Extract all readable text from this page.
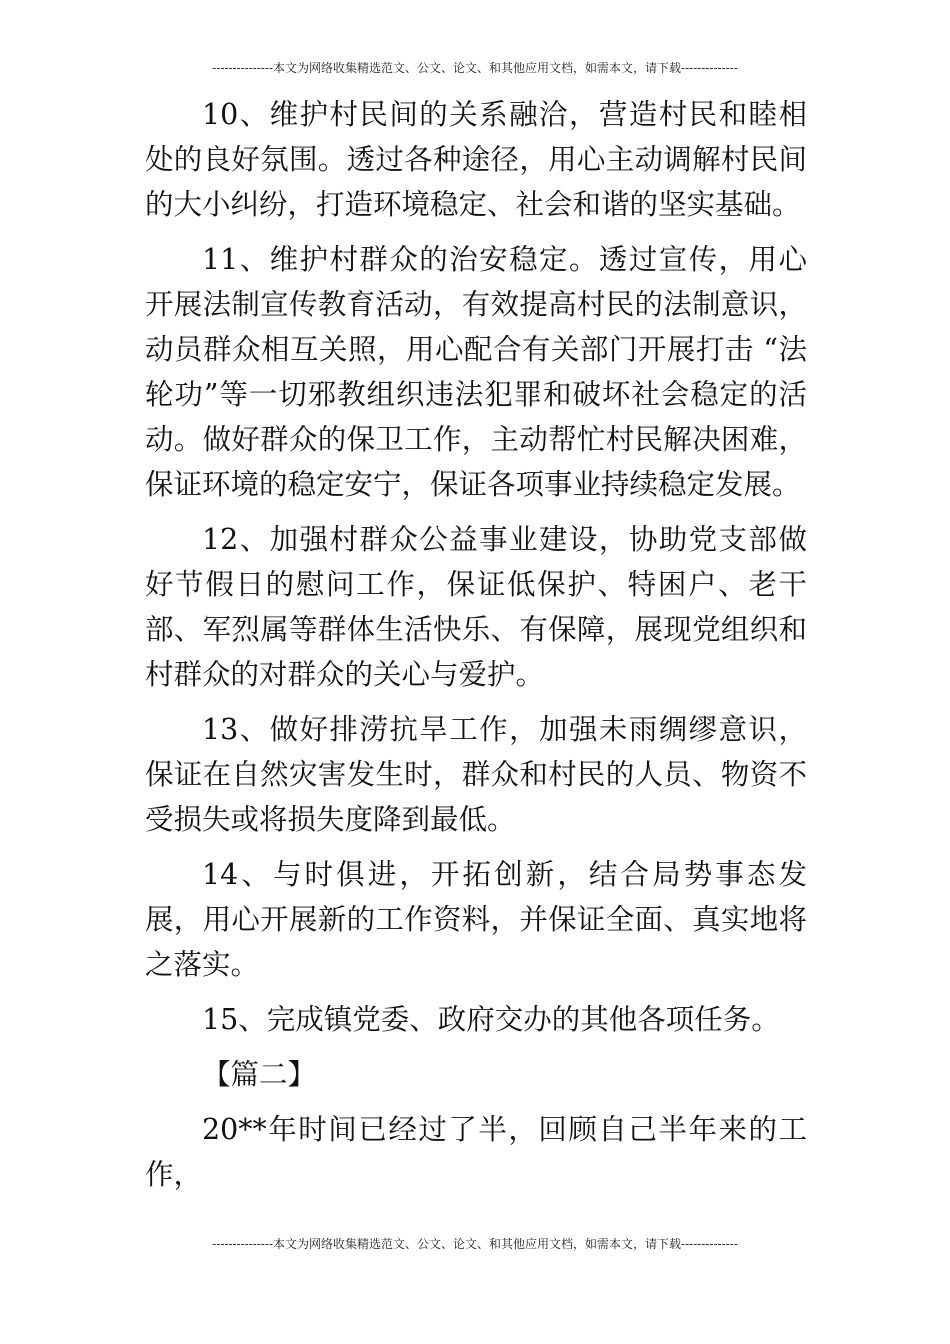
---------------本文为网络收集精选范文、公文、论文、和其他应用文档，如需本文，请下载--------------

10、维护村民间的关系融洽，营造村民和睦相处的良好氛围。透过各种途径，用心主动调解村民间的大小纠纷，打造环境稳定、社会和谐的坚实基础。

11、维护村群众的治安稳定。透过宣传，用心开展法制宣传教育活动，有效提高村民的法制意识，动员群众相互关照，用心配合有关部门开展打击 “法轮功”等一切邪教组织违法犯罪和破坏社会稳定的活动。做好群众的保卫工作，主动帮忙村民解决困难，保证环境的稳定安宁，保证各项事业持续稳定发展。

12、加强村群众公益事业建设，协助党支部做好节假日的慰问工作，保证低保护、特困户、老干部、军烈属等群体生活快乐、有保障，展现党组织和村群众的对群众的关心与爱护。

13、做好排涝抗旱工作，加强未雨绸缪意识，保证在自然灾害发生时，群众和村民的人员、物资不受损失或将损失度降到最低。

14、与时俱进，开拓创新，结合局势事态发展，用心开展新的工作资料，并保证全面、真实地将之落实。

15、完成镇党委、政府交办的其他各项任务。

【篇二】

20**年时间已经过了半，回顾自己半年来的工作，

---------------本文为网络收集精选范文、公文、论文、和其他应用文档，如需本文，请下载--------------
